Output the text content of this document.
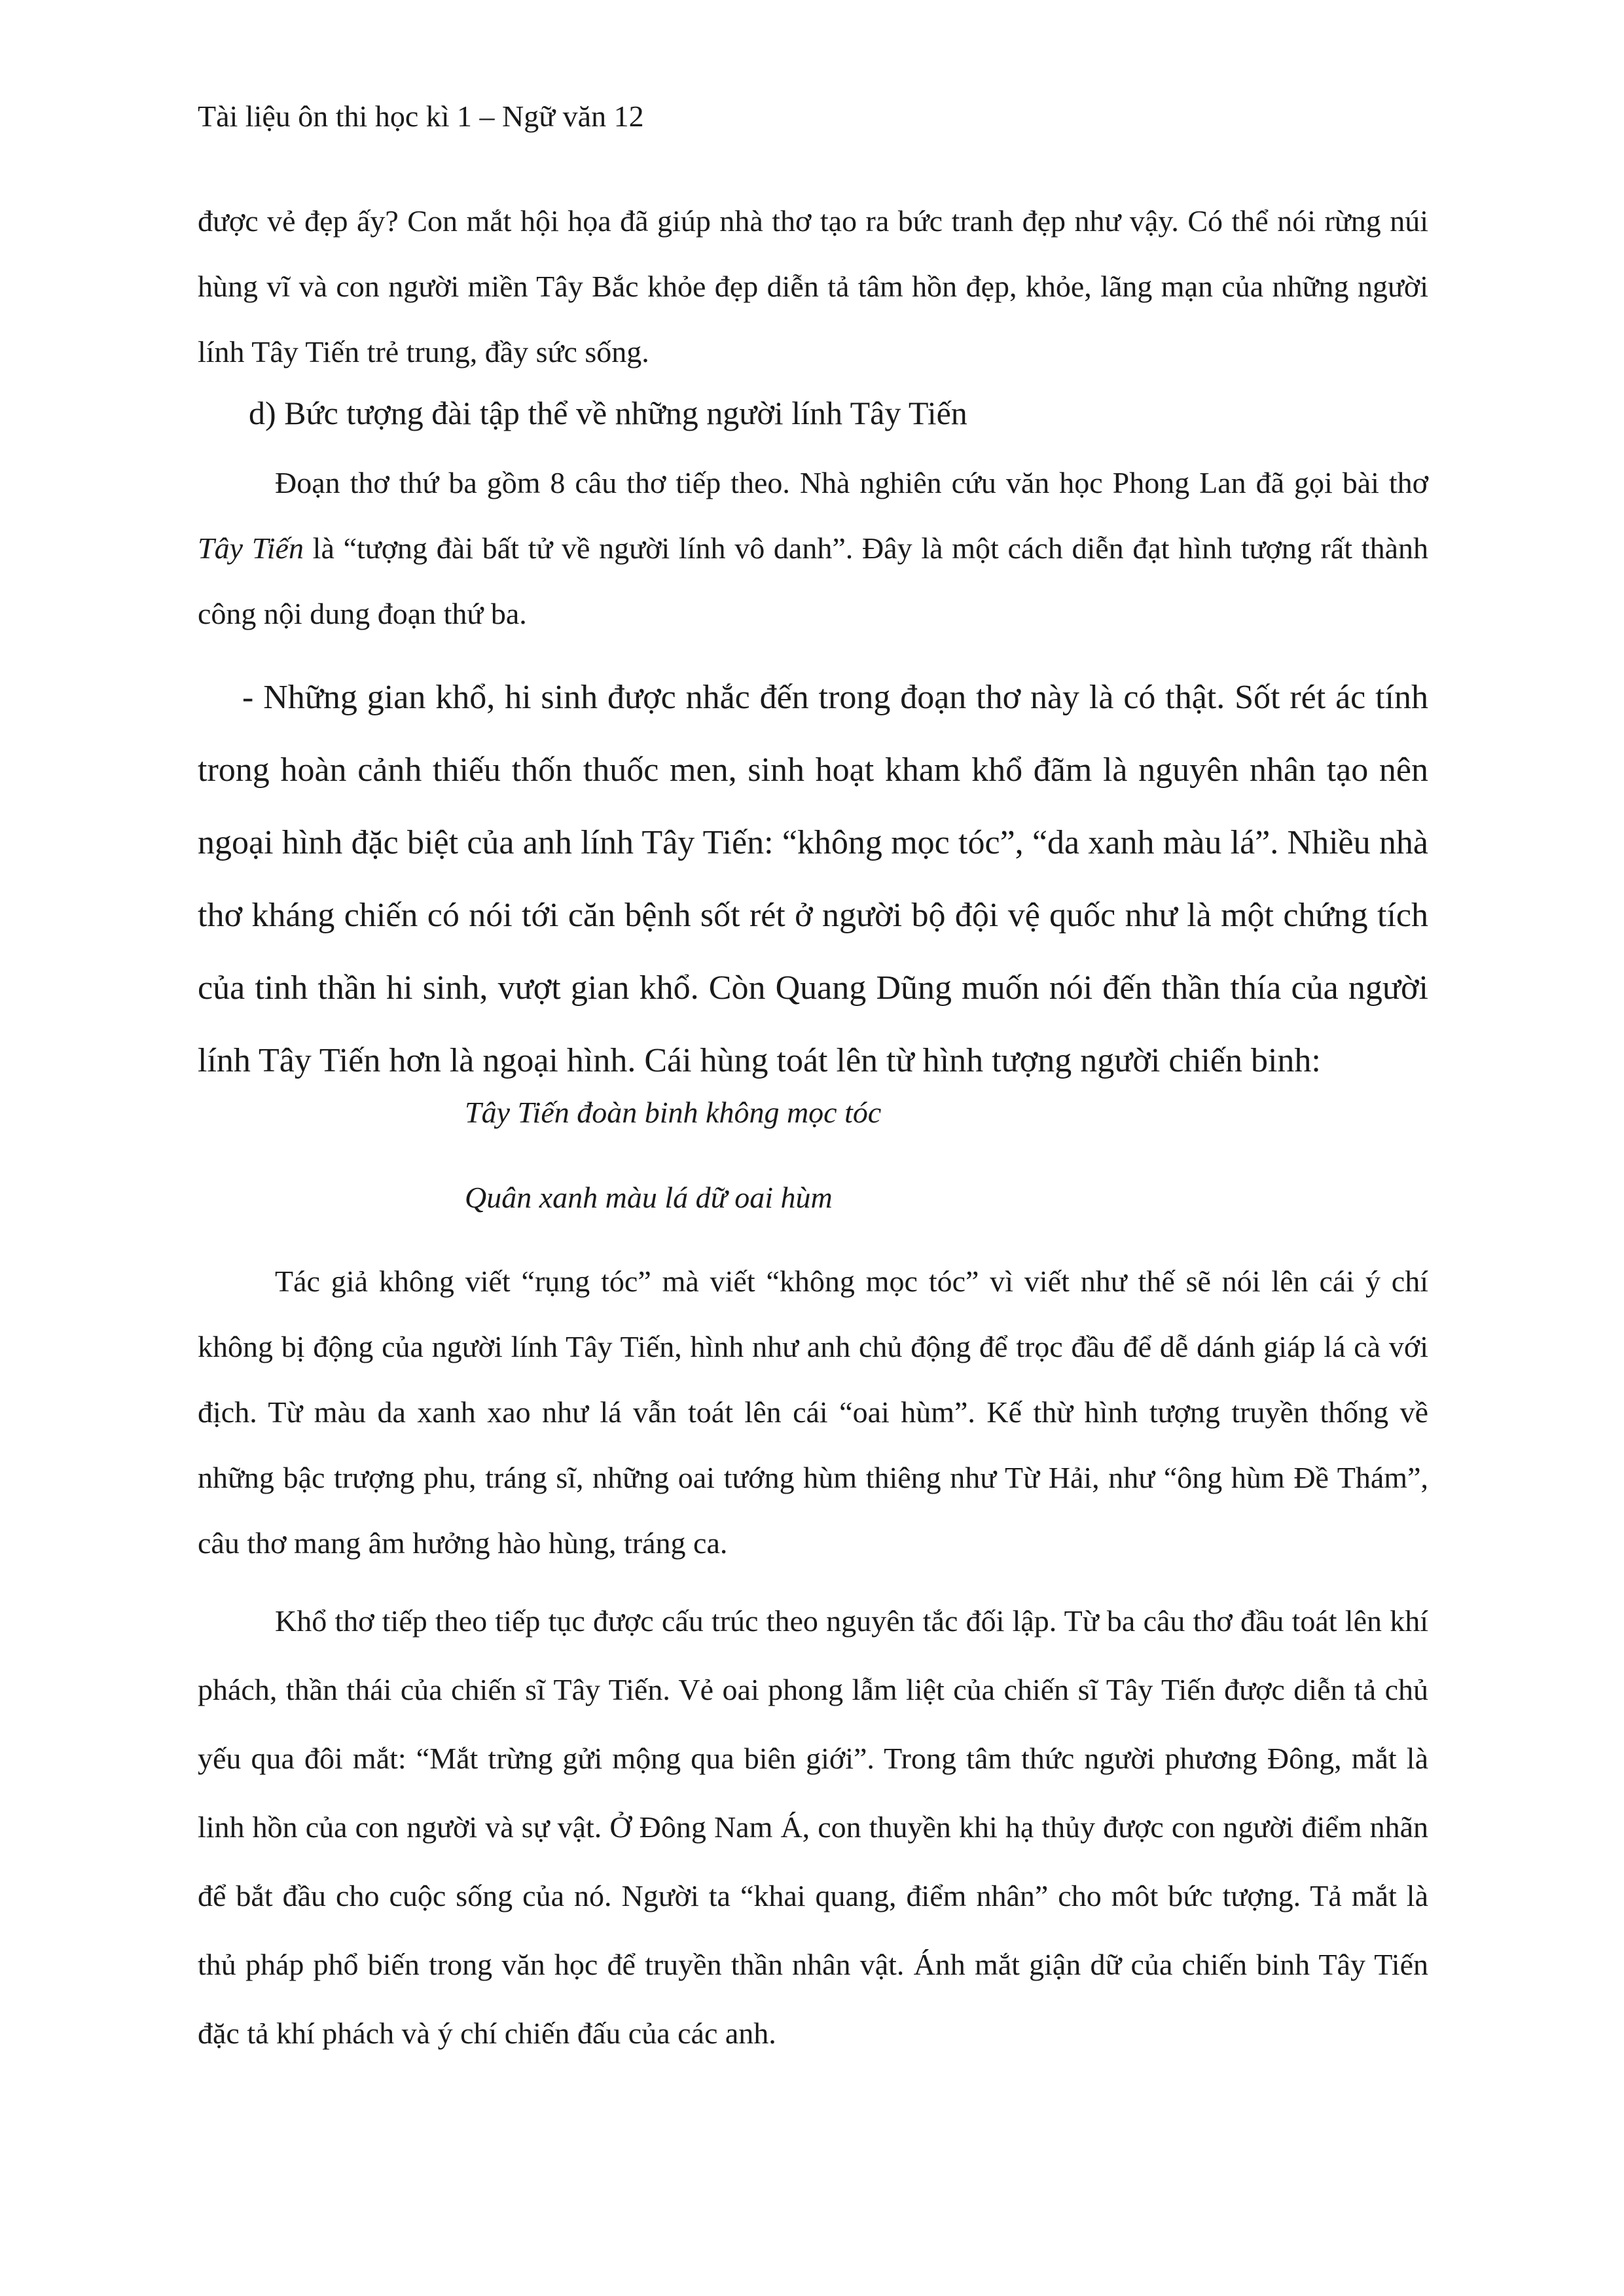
Tài liệu ôn thi học kì 1 – Ngữ văn 12

được vẻ đẹp ấy? Con mắt hội họa đã giúp nhà thơ tạo ra bức tranh đẹp như vậy. Có thể nói rừng núi hùng vĩ và con người miền Tây Bắc khỏe đẹp diễn tả tâm hồn đẹp, khỏe, lãng mạn của những người lính Tây Tiến trẻ trung, đầy sức sống.

d) Bức tượng đài tập thể về những người lính Tây Tiến

Đoạn thơ thứ ba gồm 8 câu thơ tiếp theo. Nhà nghiên cứu văn học Phong Lan đã gọi bài thơ Tây Tiến là “tượng đài bất tử về người lính vô danh”. Đây là một cách diễn đạt hình tượng rất thành công nội dung đoạn thứ ba.

- Những gian khổ, hi sinh được nhắc đến trong đoạn thơ này là có thật. Sốt rét ác tính trong hoàn cảnh thiếu thốn thuốc men, sinh hoạt kham khổ đãm là nguyên nhân tạo nên ngoại hình đặc biệt của anh lính Tây Tiến: “không mọc tóc”, “da xanh màu lá”. Nhiều nhà thơ kháng chiến có nói tới căn bệnh sốt rét ở người bộ đội vệ quốc như là một chứng tích của tinh thần hi sinh, vượt gian khổ. Còn Quang Dũng muốn nói đến thần thía của người lính Tây Tiến hơn là ngoại hình. Cái hùng toát lên từ hình tượng người chiến binh:

Tây Tiến đoàn binh không mọc tóc

Quân xanh màu lá dữ oai hùm

Tác giả không viết “rụng tóc” mà viết “không mọc tóc” vì viết như thế sẽ nói lên cái ý chí không bị động của người lính Tây Tiến, hình như anh chủ động để trọc đầu để dễ dánh giáp lá cà với địch. Từ màu da xanh xao như lá vẫn toát lên cái “oai hùm”. Kế thừ hình tượng truyền thống về những bậc trượng phu, tráng sĩ, những oai tướng hùm thiêng như Từ Hải, như “ông hùm Đề Thám”, câu thơ mang âm hưởng hào hùng, tráng ca.

Khổ thơ tiếp theo tiếp tục được cấu trúc theo nguyên tắc đối lập. Từ ba câu thơ đầu toát lên khí phách, thần thái của chiến sĩ Tây Tiến. Vẻ oai phong lẫm liệt của chiến sĩ Tây Tiến được diễn tả chủ yếu qua đôi mắt: “Mắt trừng gửi mộng qua biên giới”. Trong tâm thức người phương Đông, mắt là linh hồn của con người và sự vật. Ở Đông Nam Á, con thuyền khi hạ thủy được con người điểm nhãn để bắt đầu cho cuộc sống của nó. Người ta “khai quang, điểm nhân” cho môt bức tượng. Tả mắt là thủ pháp phổ biến trong văn học để truyền thần nhân vật. Ánh mắt giận dữ của chiến binh Tây Tiến đặc tả khí phách và ý chí chiến đấu của các anh.
